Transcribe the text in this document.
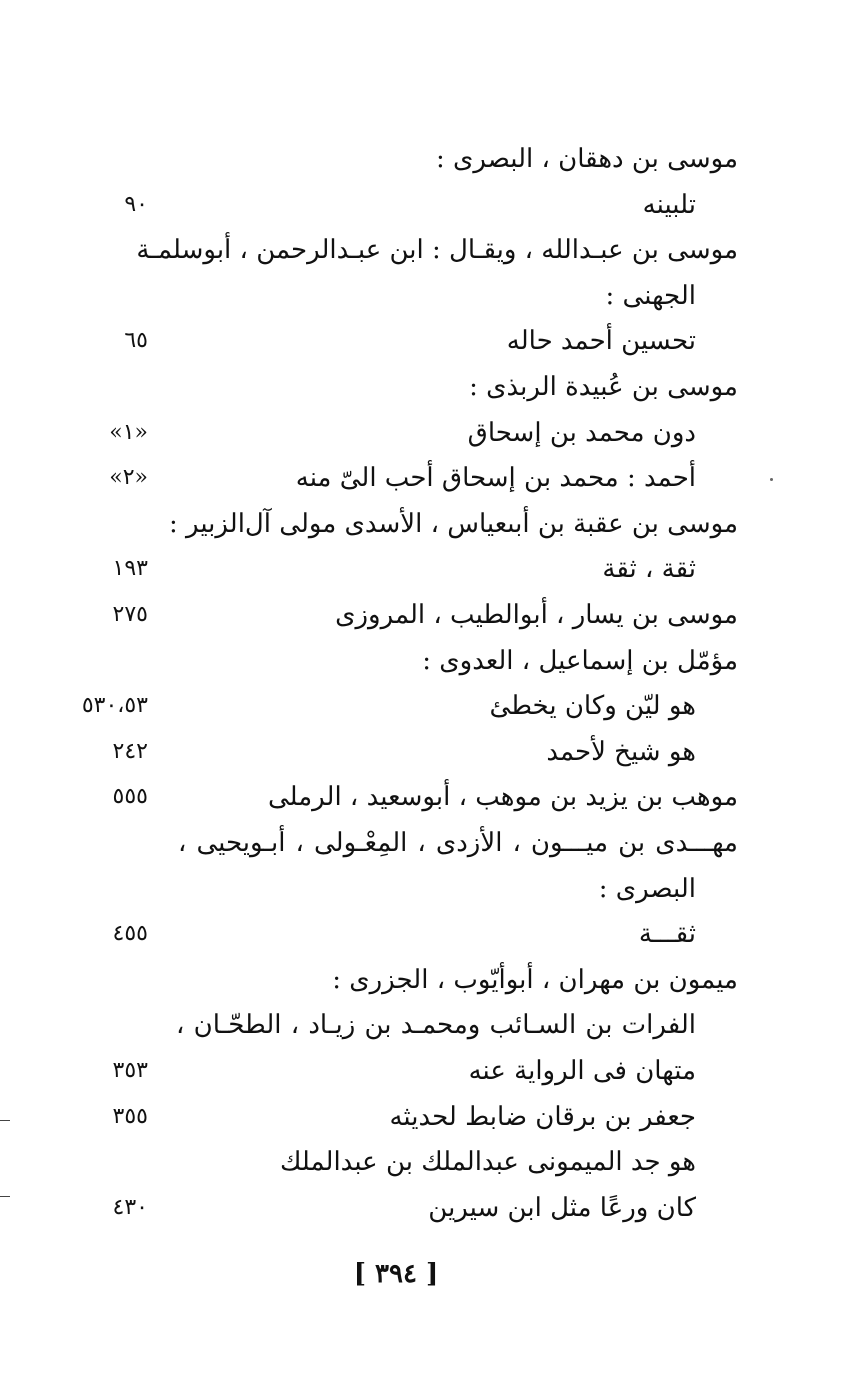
موسى بن دهقان ، البصرى :
تلبينه
٩٠
موسى بن عبـدالله ، ويقـال : ابن عبـدالرحمن ، أبوسلمـة
الجهنى :
تحسين أحمد حاله
٦٥
موسى بن عُبيدة الربذى :
دون محمد بن إسحاق
«١»
أحمد : محمد بن إسحاق أحب الىّ منه
«٢»
موسى بن عقبة بن أبىعياس ، الأسدى مولى آل‌الزبير :
ثقة ، ثقة
١٩٣
موسى بن يسار ، أبوالطيب ، المروزى
٢٧٥
مؤمّل بن إسماعيل ، العدوى :
هو ليّن وكان يخطئ
٥٣٠،٥٣
هو شيخ لأحمد
٢٤٢
موهب بن يزيد بن موهب ، أبوسعيد ، الرملى
٥٥٥
مهـــدى بن ميـــون ، الأزدى ، المِعْـولى ، أبـويحيى ،
البصرى :
ثقـــة
٤٥٥
ميمون بن مهران ، أبوأيّوب ، الجزرى :
الفرات بن السـائب ومحمـد بن زيـاد ، الطحّـان ،
متهان فى الرواية عنه
٣٥٣
جعفر بن برقان ضابط لحديثه
٣٥٥
هو جد الميمونى عبدالملك بن عبدالملك
كان ورعًا مثل ابن سيرين
٤٣٠
[ ٣٩٤ ]
